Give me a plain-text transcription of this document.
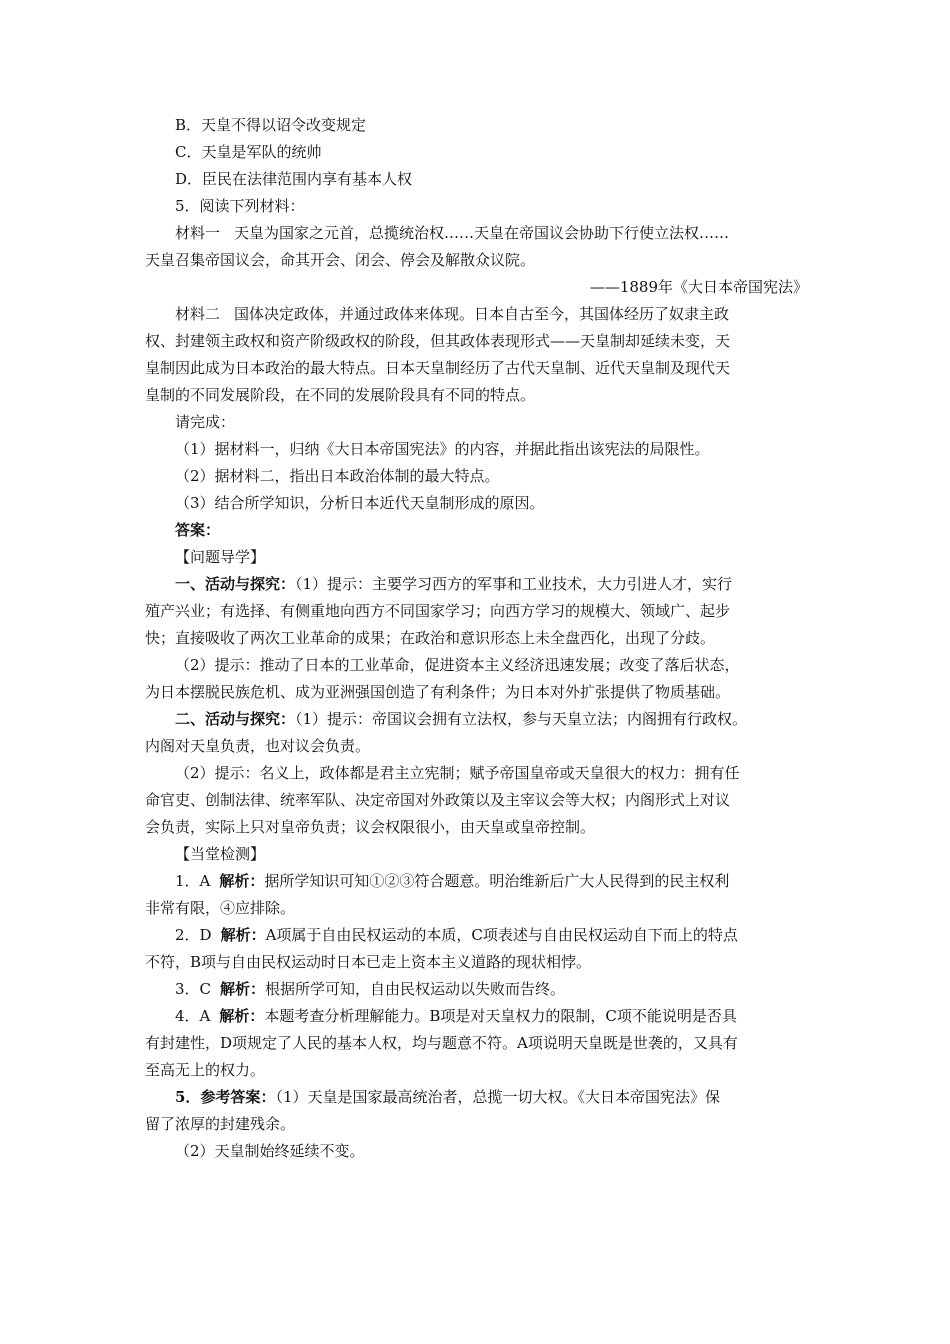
B．天皇不得以诏令改变规定

C．天皇是军队的统帅

D．臣民在法律范围内享有基本人权

5．阅读下列材料：

材料一 天皇为国家之元首，总揽统治权……天皇在帝国议会协助下行使立法权……

天皇召集帝国议会，命其开会、闭会、停会及解散众议院。

——1889年《大日本帝国宪法》

材料二 国体决定政体，并通过政体来体现。日本自古至今，其国体经历了奴隶主政

权、封建领主政权和资产阶级政权的阶段，但其政体表现形式——天皇制却延续未变，天

皇制因此成为日本政治的最大特点。日本天皇制经历了古代天皇制、近代天皇制及现代天

皇制的不同发展阶段，在不同的发展阶段具有不同的特点。

请完成：

（1）据材料一，归纳《大日本帝国宪法》的内容，并据此指出该宪法的局限性。

（2）据材料二，指出日本政治体制的最大特点。

（3）结合所学知识，分析日本近代天皇制形成的原因。

答案：

【问题导学】

一、活动与探究：（1）提示：主要学习西方的军事和工业技术，大力引进人才，实行

殖产兴业；有选择、有侧重地向西方不同国家学习；向西方学习的规模大、领域广、起步

快；直接吸收了两次工业革命的成果；在政治和意识形态上未全盘西化，出现了分歧。

（2）提示：推动了日本的工业革命，促进资本主义经济迅速发展；改变了落后状态，

为日本摆脱民族危机、成为亚洲强国创造了有利条件；为日本对外扩张提供了物质基础。

二、活动与探究：（1）提示：帝国议会拥有立法权，参与天皇立法；内阁拥有行政权。

内阁对天皇负责，也对议会负责。

（2）提示：名义上，政体都是君主立宪制；赋予帝国皇帝或天皇很大的权力：拥有任

命官吏、创制法律、统率军队、决定帝国对外政策以及主宰议会等大权；内阁形式上对议

会负责，实际上只对皇帝负责；议会权限很小，由天皇或皇帝控制。

【当堂检测】

1．A 解析：据所学知识可知①②③符合题意。明治维新后广大人民得到的民主权利

非常有限，④应排除。

2．D 解析：A项属于自由民权运动的本质，C项表述与自由民权运动自下而上的特点

不符，B项与自由民权运动时日本已走上资本主义道路的现状相悖。

3．C 解析：根据所学可知，自由民权运动以失败而告终。

4．A 解析：本题考查分析理解能力。B项是对天皇权力的限制，C项不能说明是否具

有封建性，D项规定了人民的基本人权，均与题意不符。A项说明天皇既是世袭的，又具有

至高无上的权力。

5．参考答案：（1）天皇是国家最高统治者，总揽一切大权。《大日本帝国宪法》保

留了浓厚的封建残余。

（2）天皇制始终延续不变。
